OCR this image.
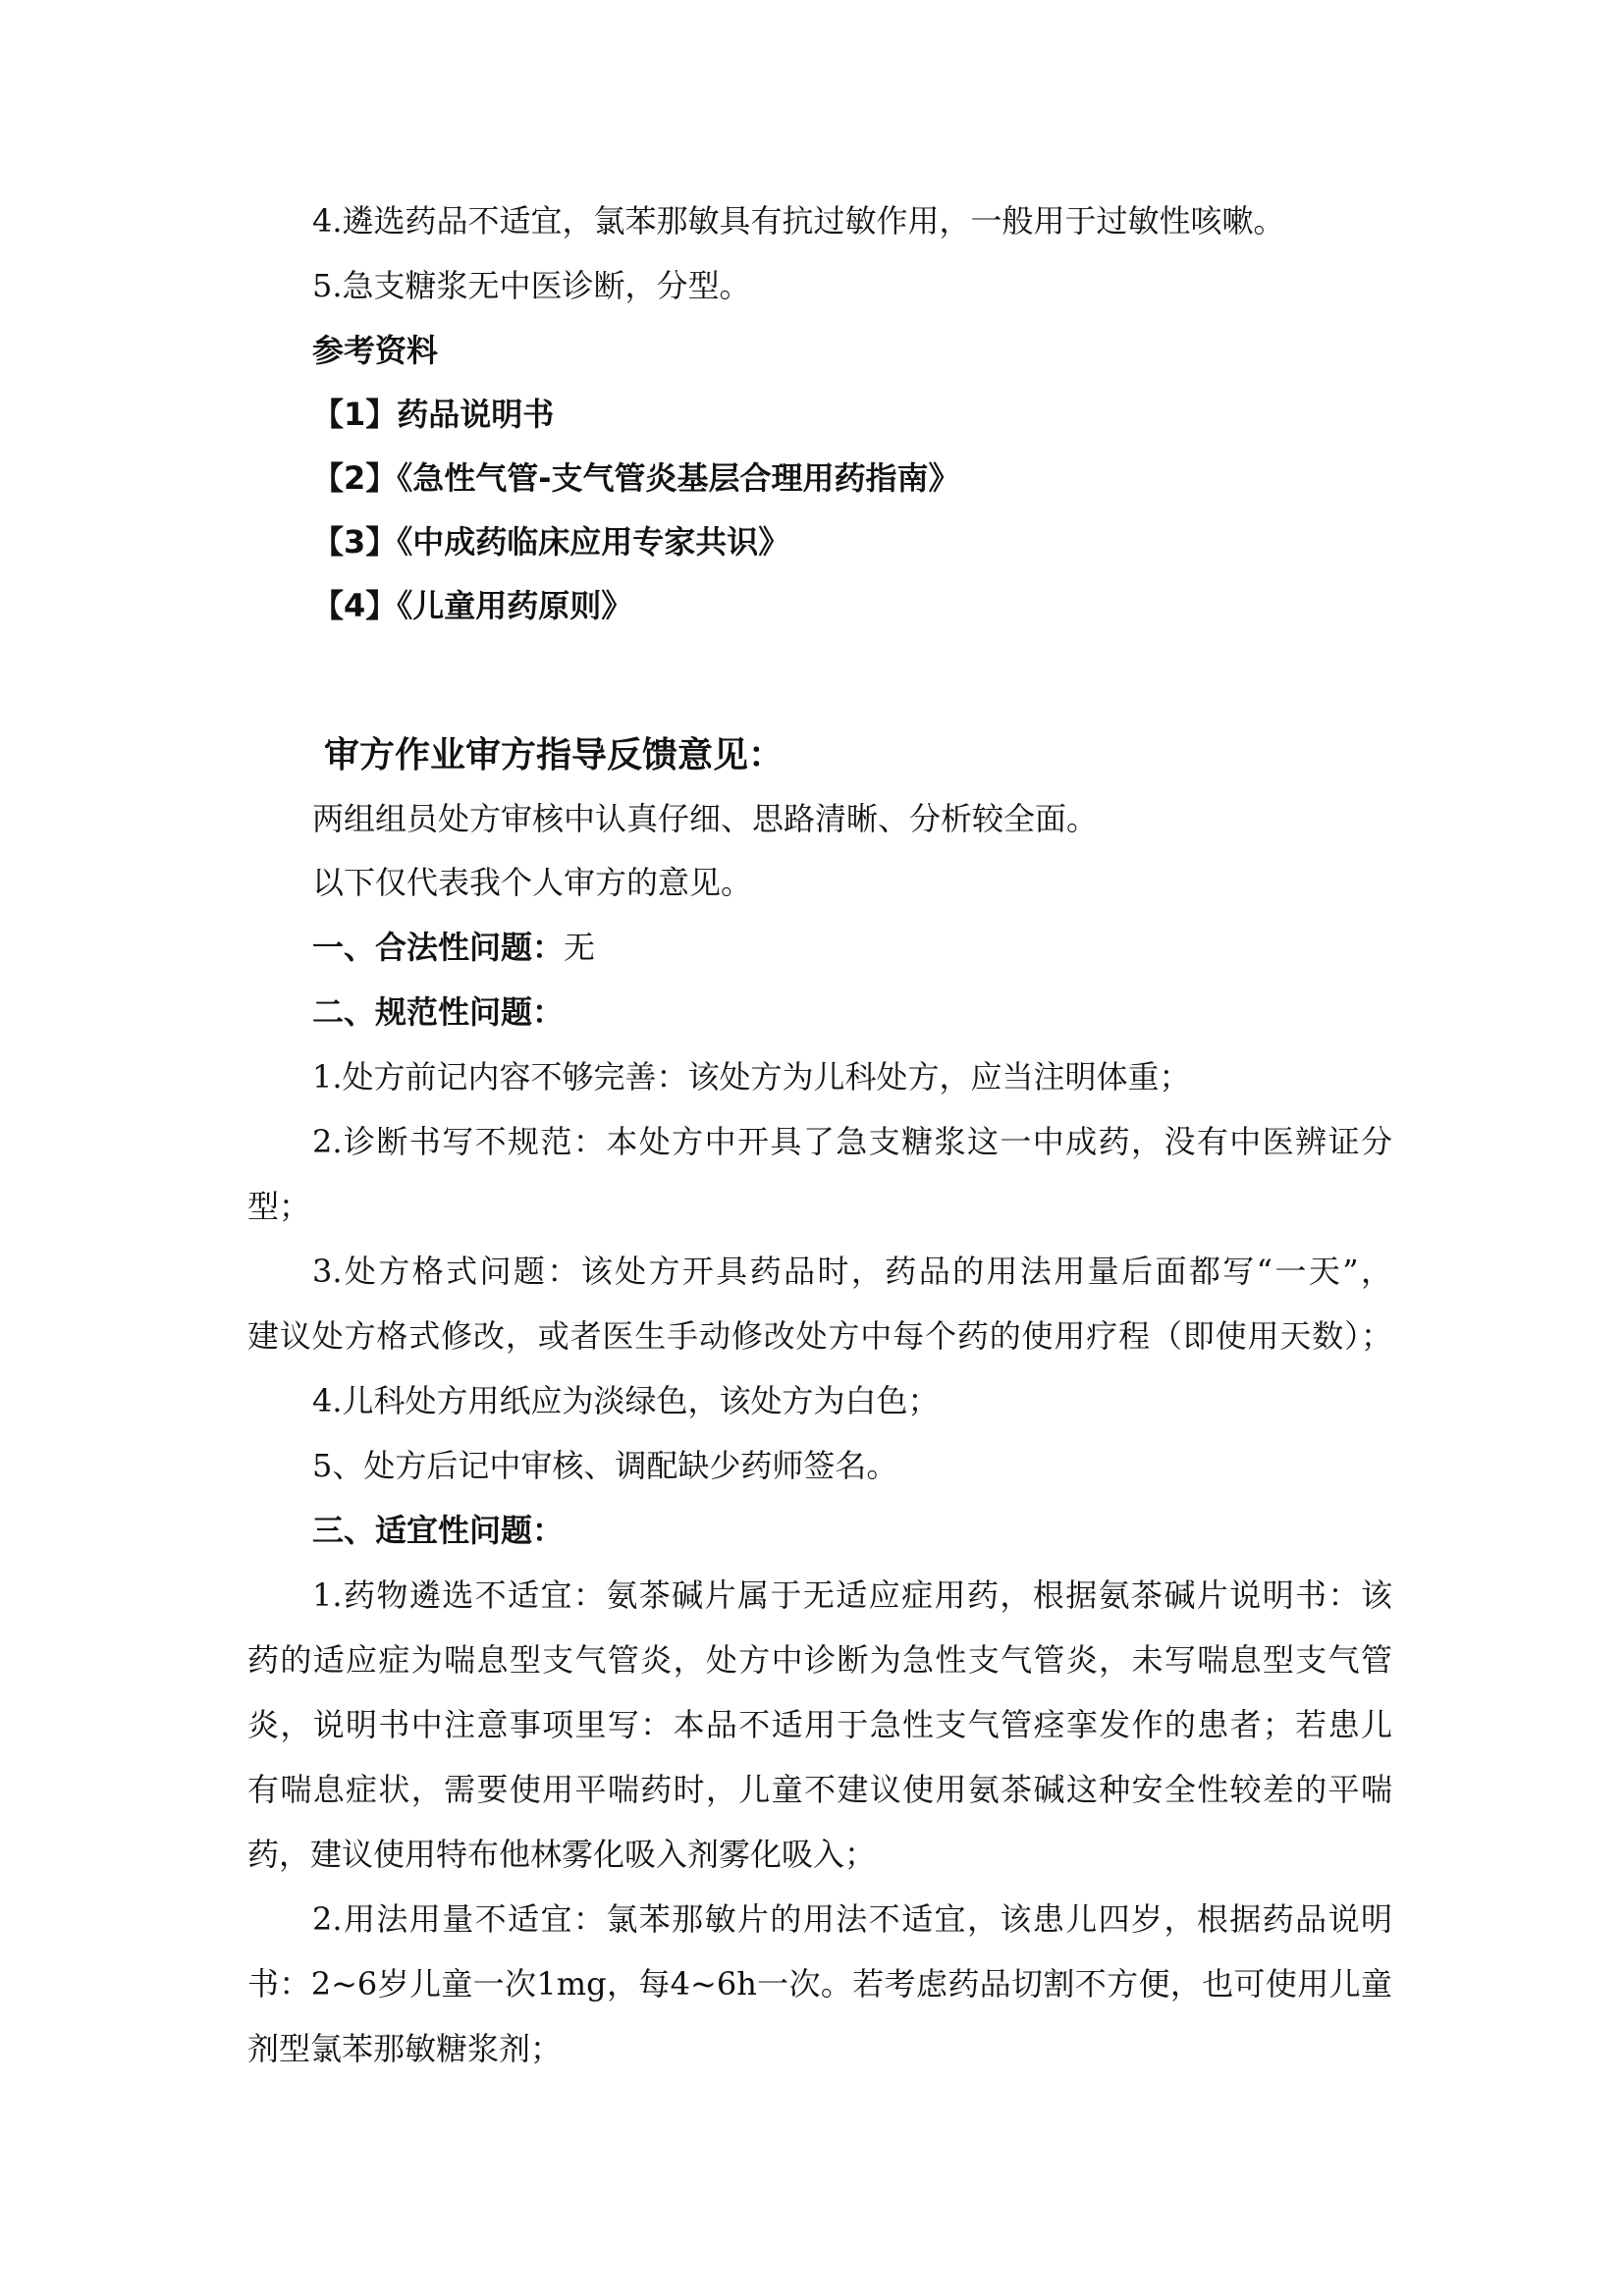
4.遴选药品不适宜，氯苯那敏具有抗过敏作用，一般用于过敏性咳嗽。

5.急支糖浆无中医诊断，分型。

参考资料

【1】药品说明书

【2】《急性气管-支气管炎基层合理用药指南》

【3】《中成药临床应用专家共识》

【4】《儿童用药原则》

审方作业审方指导反馈意见：

两组组员处方审核中认真仔细、思路清晰、分析较全面。

以下仅代表我个人审方的意见。

一、合法性问题：无

二、规范性问题：

1.处方前记内容不够完善：该处方为儿科处方，应当注明体重；

2.诊断书写不规范：本处方中开具了急支糖浆这一中成药，没有中医辨证分

型；

3.处方格式问题：该处方开具药品时，药品的用法用量后面都写“一天”，

建议处方格式修改，或者医生手动修改处方中每个药的使用疗程（即使用天数）；

4.儿科处方用纸应为淡绿色，该处方为白色；

5、处方后记中审核、调配缺少药师签名。

三、适宜性问题：

1.药物遴选不适宜：氨茶碱片属于无适应症用药，根据氨茶碱片说明书：该

药的适应症为喘息型支气管炎，处方中诊断为急性支气管炎，未写喘息型支气管

炎，说明书中注意事项里写：本品不适用于急性支气管痉挛发作的患者；若患儿

有喘息症状，需要使用平喘药时，儿童不建议使用氨茶碱这种安全性较差的平喘

药，建议使用特布他林雾化吸入剂雾化吸入；

2.用法用量不适宜：氯苯那敏片的用法不适宜，该患儿四岁，根据药品说明

书：2~6岁儿童一次1mg，每4~6h一次。若考虑药品切割不方便，也可使用儿童

剂型氯苯那敏糖浆剂；
